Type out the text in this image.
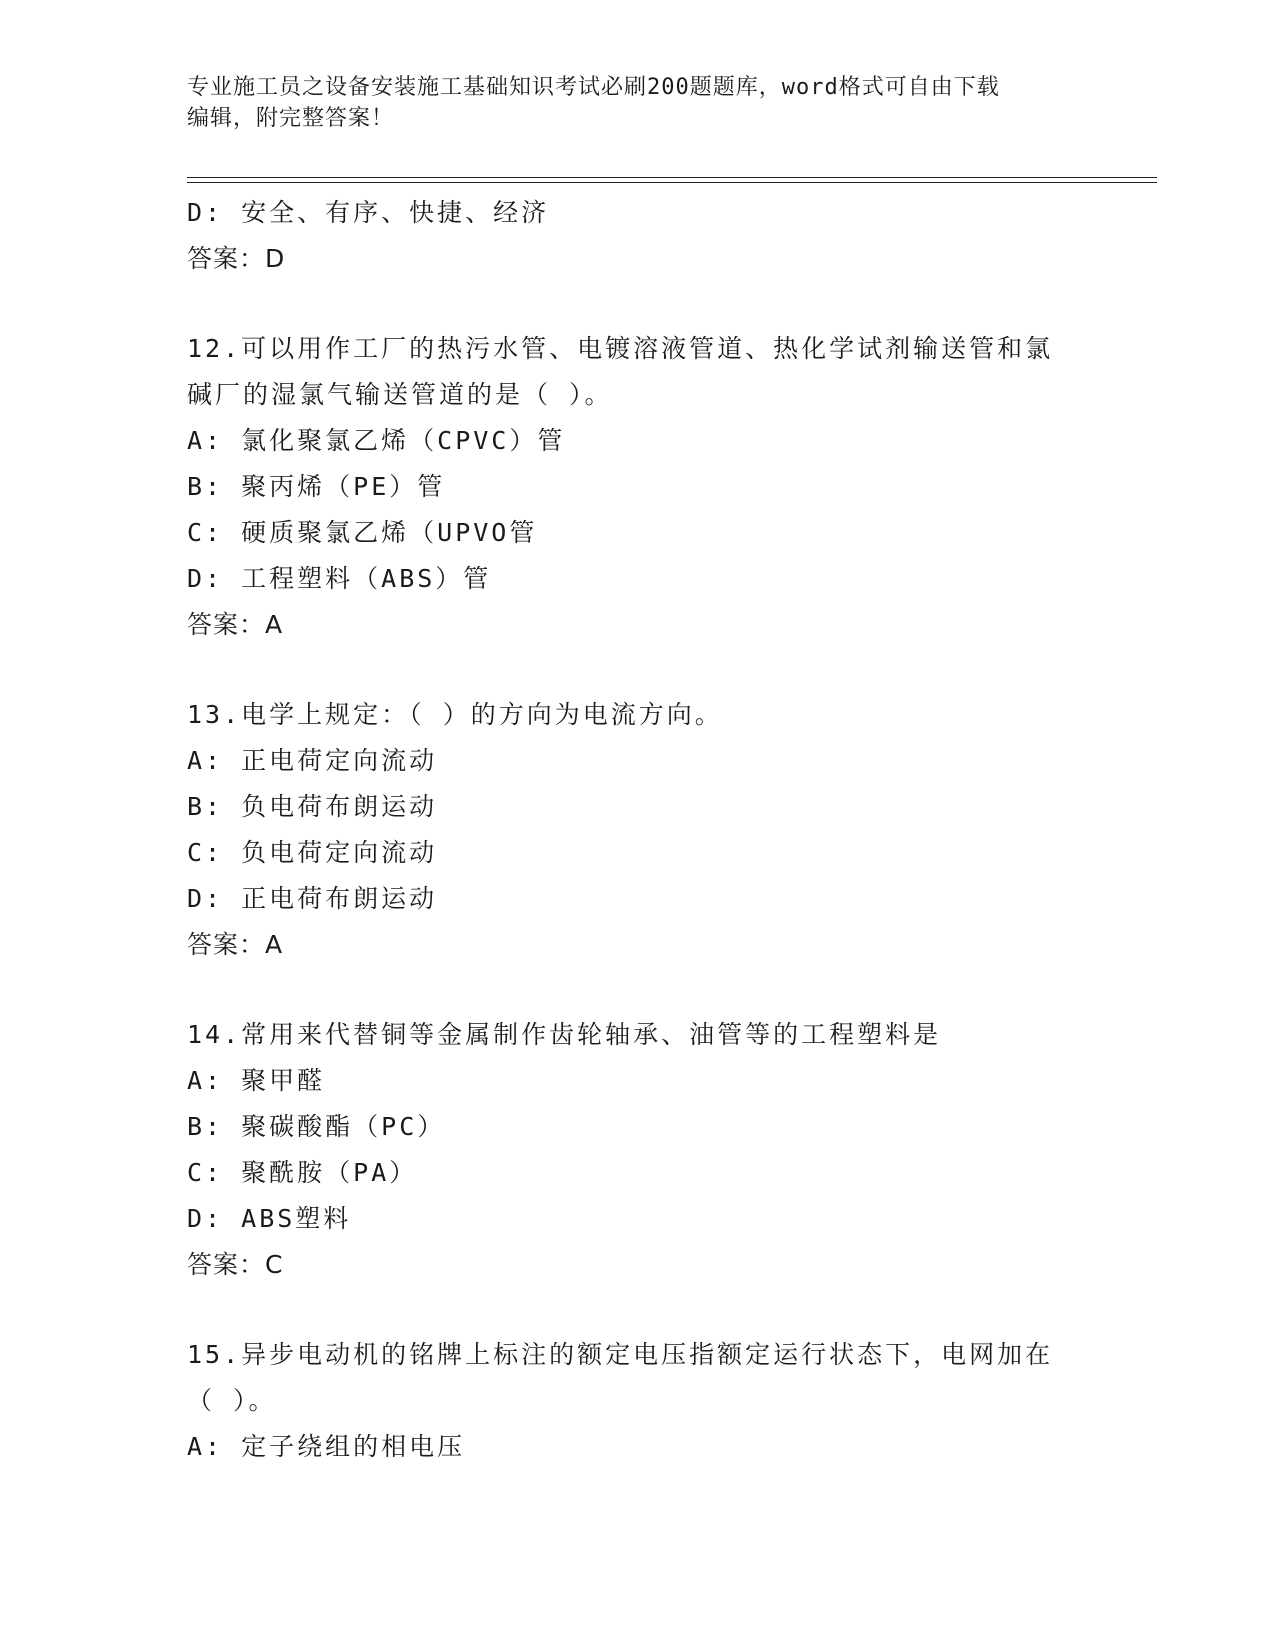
专业施工员之设备安装施工基础知识考试必刷200题题库，word格式可自由下载
编辑，附完整答案！
D: 安全、有序、快捷、经济
答案：D
12.可以用作工厂的热污水管、电镀溶液管道、热化学试剂输送管和氯
碱厂的湿氯气输送管道的是（ ）。
A: 氯化聚氯乙烯（CPVC）管
B: 聚丙烯（PE）管
C: 硬质聚氯乙烯（UPVO管
D: 工程塑料（ABS）管
答案：A
13.电学上规定：（ ）的方向为电流方向。
A: 正电荷定向流动
B: 负电荷布朗运动
C: 负电荷定向流动
D: 正电荷布朗运动
答案：A
14.常用来代替铜等金属制作齿轮轴承、油管等的工程塑料是
A: 聚甲醛
B: 聚碳酸酯（PC）
C: 聚酰胺（PA）
D: ABS塑料
答案：C
15.异步电动机的铭牌上标注的额定电压指额定运行状态下，电网加在
（ ）。
A: 定子绕组的相电压
